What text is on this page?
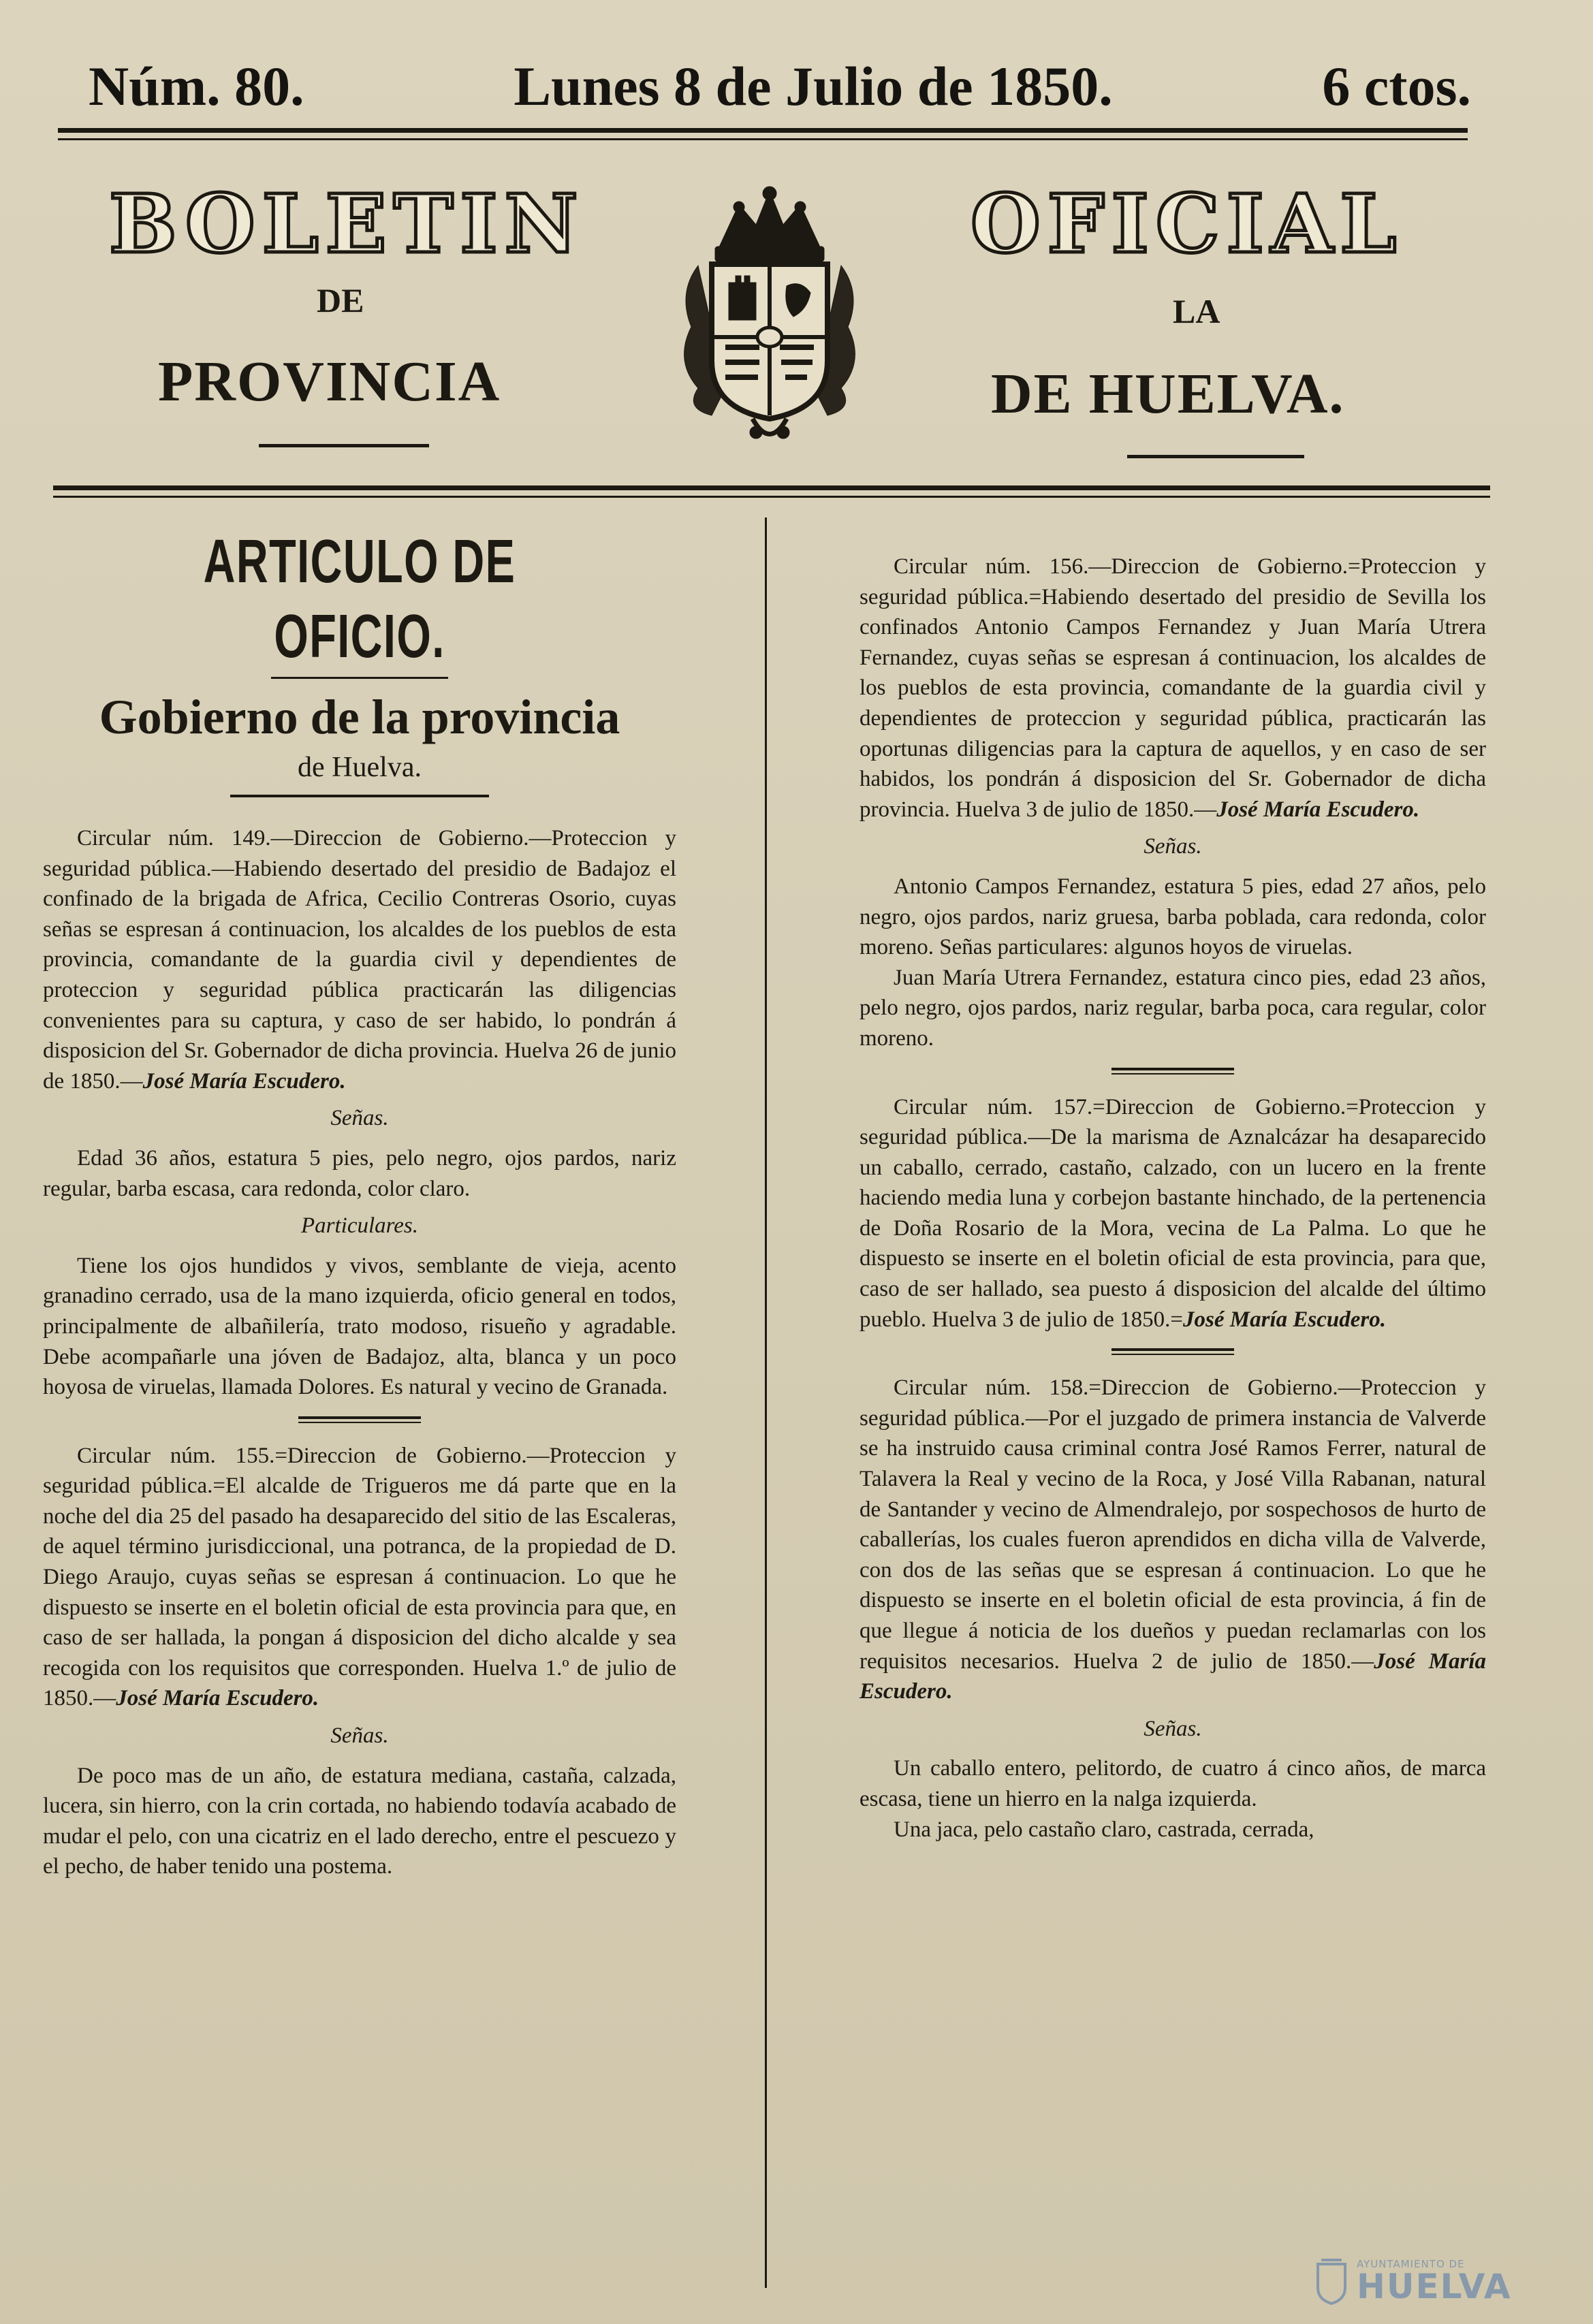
Núm. 80.	Lunes 8 de Julio de 1850.	6 ctos.
BOLETIN	OFICIAL
DE	LA
PROVINCIA	DE HUELVA.
ARTICULO DE OFICIO.
Gobierno de la provincia
de Huelva.

Circular núm. 149.—Direccion de Gobierno.—Proteccion y seguridad pública.—Habiendo desertado del presidio de Badajoz el confinado de la brigada de Africa, Cecilio Contreras Osorio, cuyas señas se espresan á continuacion, los alcaldes de los pueblos de esta provincia, comandante de la guardia civil y dependientes de proteccion y seguridad pública practicarán las diligencias convenientes para su captura, y caso de ser habido, lo pondrán á disposicion del Sr. Gobernador de dicha provincia. Huelva 26 de junio de 1850.—José María Escudero.

Señas.

Edad 36 años, estatura 5 pies, pelo negro, ojos pardos, nariz regular, barba escasa, cara redonda, color claro.

Particulares.

Tiene los ojos hundidos y vivos, semblante de vieja, acento granadino cerrado, usa de la mano izquierda, oficio general en todos, principalmente de albañilería, trato modoso, risueño y agradable. Debe acompañarle una jóven de Badajoz, alta, blanca y un poco hoyosa de viruelas, llamada Dolores. Es natural y vecino de Granada.

Circular núm. 155.=Direccion de Gobierno.—Proteccion y seguridad pública.=El alcalde de Trigueros me dá parte que en la noche del dia 25 del pasado ha desaparecido del sitio de las Escaleras, de aquel término jurisdiccional, una potranca, de la propiedad de D. Diego Araujo, cuyas señas se espresan á continuacion. Lo que he dispuesto se inserte en el boletin oficial de esta provincia para que, en caso de ser hallada, la pongan á disposicion del dicho alcalde y sea recogida con los requisitos que corresponden. Huelva 1.º de julio de 1850.—José María Escudero.

Señas.

De poco mas de un año, de estatura mediana, castaña, calzada, lucera, sin hierro, con la crin cortada, no habiendo todavía acabado de mudar el pelo, con una cicatriz en el lado derecho, entre el pescuezo y el pecho, de haber tenido una postema.

Circular núm. 156.—Direccion de Gobierno.=Proteccion y seguridad pública.=Habiendo desertado del presidio de Sevilla los confinados Antonio Campos Fernandez y Juan María Utrera Fernandez, cuyas señas se espresan á continuacion, los alcaldes de los pueblos de esta provincia, comandante de la guardia civil y dependientes de proteccion y seguridad pública, practicarán las oportunas diligencias para la captura de aquellos, y en caso de ser habidos, los pondrán á disposicion del Sr. Gobernador de dicha provincia. Huelva 3 de julio de 1850.—José María Escudero.

Señas.

Antonio Campos Fernandez, estatura 5 pies, edad 27 años, pelo negro, ojos pardos, nariz gruesa, barba poblada, cara redonda, color moreno. Señas particulares: algunos hoyos de viruelas.

Juan María Utrera Fernandez, estatura cinco pies, edad 23 años, pelo negro, ojos pardos, nariz regular, barba poca, cara regular, color moreno.

Circular núm. 157.=Direccion de Gobierno.=Proteccion y seguridad pública.—De la marisma de Aznalcázar ha desaparecido un caballo, cerrado, castaño, calzado, con un lucero en la frente haciendo media luna y corbejon bastante hinchado, de la pertenencia de Doña Rosario de la Mora, vecina de La Palma. Lo que he dispuesto se inserte en el boletin oficial de esta provincia, para que, caso de ser hallado, sea puesto á disposicion del alcalde del último pueblo. Huelva 3 de julio de 1850.=José María Escudero.

Circular núm. 158.=Direccion de Gobierno.—Proteccion y seguridad pública.—Por el juzgado de primera instancia de Valverde se ha instruido causa criminal contra José Ramos Ferrer, natural de Talavera la Real y vecino de la Roca, y José Villa Rabanan, natural de Santander y vecino de Almendralejo, por sospechosos de hurto de caballerías, los cuales fueron aprendidos en dicha villa de Valverde, con dos de las señas que se espresan á continuacion. Lo que he dispuesto se inserte en el boletin oficial de esta provincia, á fin de que llegue á noticia de los dueños y puedan reclamarlas con los requisitos necesarios. Huelva 2 de julio de 1850.—José María Escudero.

Señas.

Un caballo entero, pelitordo, de cuatro á cinco años, de marca escasa, tiene un hierro en la nalga izquierda.

Una jaca, pelo castaño claro, castrada, cerrada,

AYUNTAMIENTO DE
HUELVA
